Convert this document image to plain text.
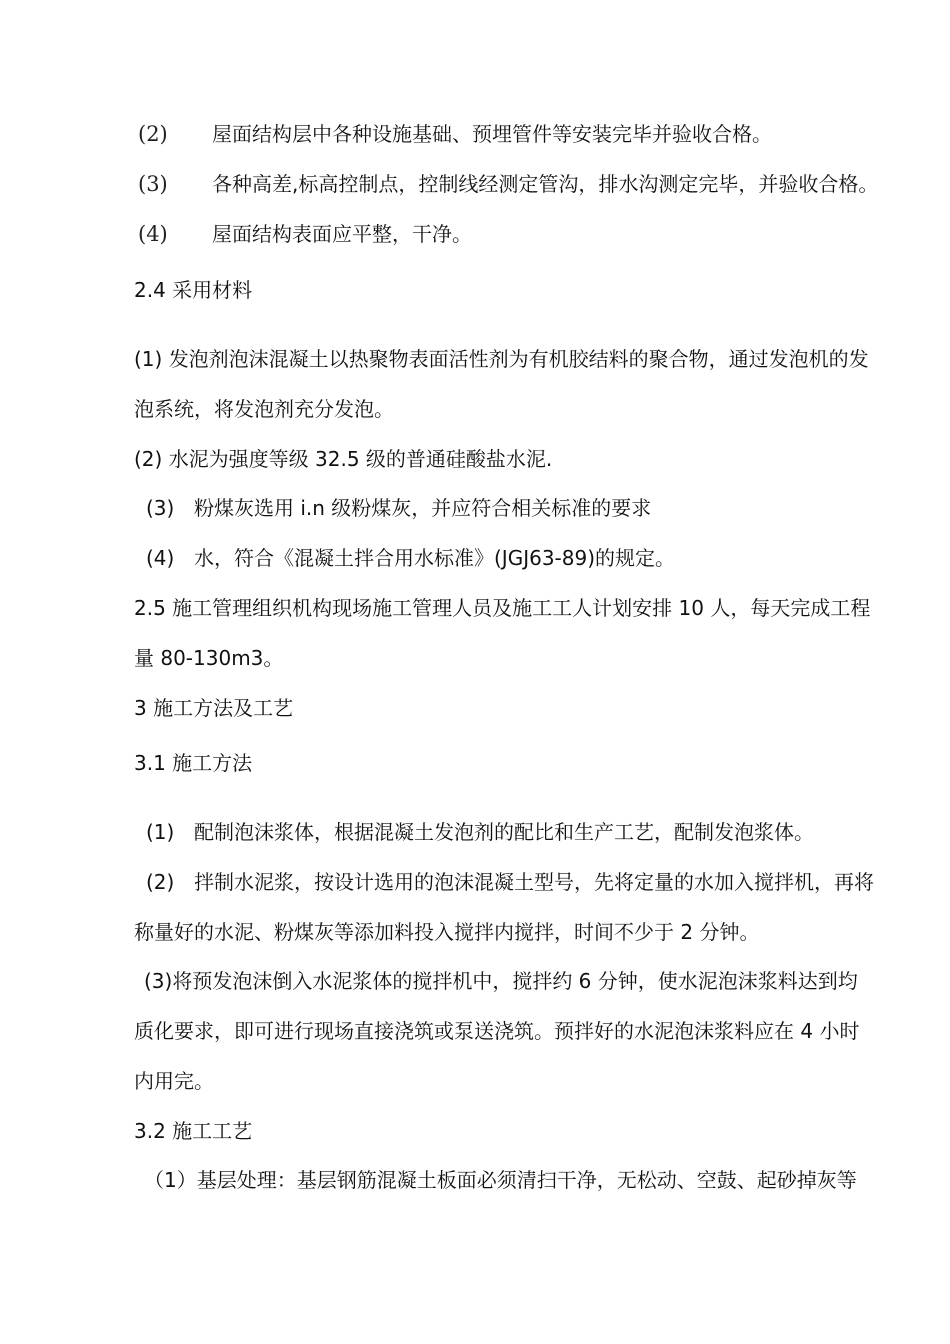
(2) 屋面结构层中各种设施基础、预埋管件等安装完毕并验收合格。
(3) 各种高差,标高控制点，控制线经测定管沟，排水沟测定完毕，并验收合格。
(4) 屋面结构表面应平整，干净。
2.4 采用材料
(1) 发泡剂泡沫混凝土以热聚物表面活性剂为有机胶结料的聚合物，通过发泡机的发
泡系统，将发泡剂充分发泡。
(2) 水泥为强度等级 32.5 级的普通硅酸盐水泥.
(3) 粉煤灰选用 i.n 级粉煤灰，并应符合相关标准的要求
(4) 水，符合《混凝土拌合用水标准》(JGJ63-89)的规定。
2.5 施工管理组织机构现场施工管理人员及施工工人计划安排 10 人，每天完成工程
量 80-130m3。
3 施工方法及工艺
3.1 施工方法
(1) 配制泡沫浆体，根据混凝土发泡剂的配比和生产工艺，配制发泡浆体。
(2) 拌制水泥浆，按设计选用的泡沫混凝土型号，先将定量的水加入搅拌机，再将
称量好的水泥、粉煤灰等添加料投入搅拌内搅拌，时间不少于 2 分钟。
(3)将预发泡沫倒入水泥浆体的搅拌机中，搅拌约 6 分钟，使水泥泡沫浆料达到均
质化要求，即可进行现场直接浇筑或泵送浇筑。预拌好的水泥泡沫浆料应在 4 小时
内用完。
3.2 施工工艺
（1）基层处理：基层钢筋混凝土板面必须清扫干净，无松动、空鼓、起砂掉灰等
